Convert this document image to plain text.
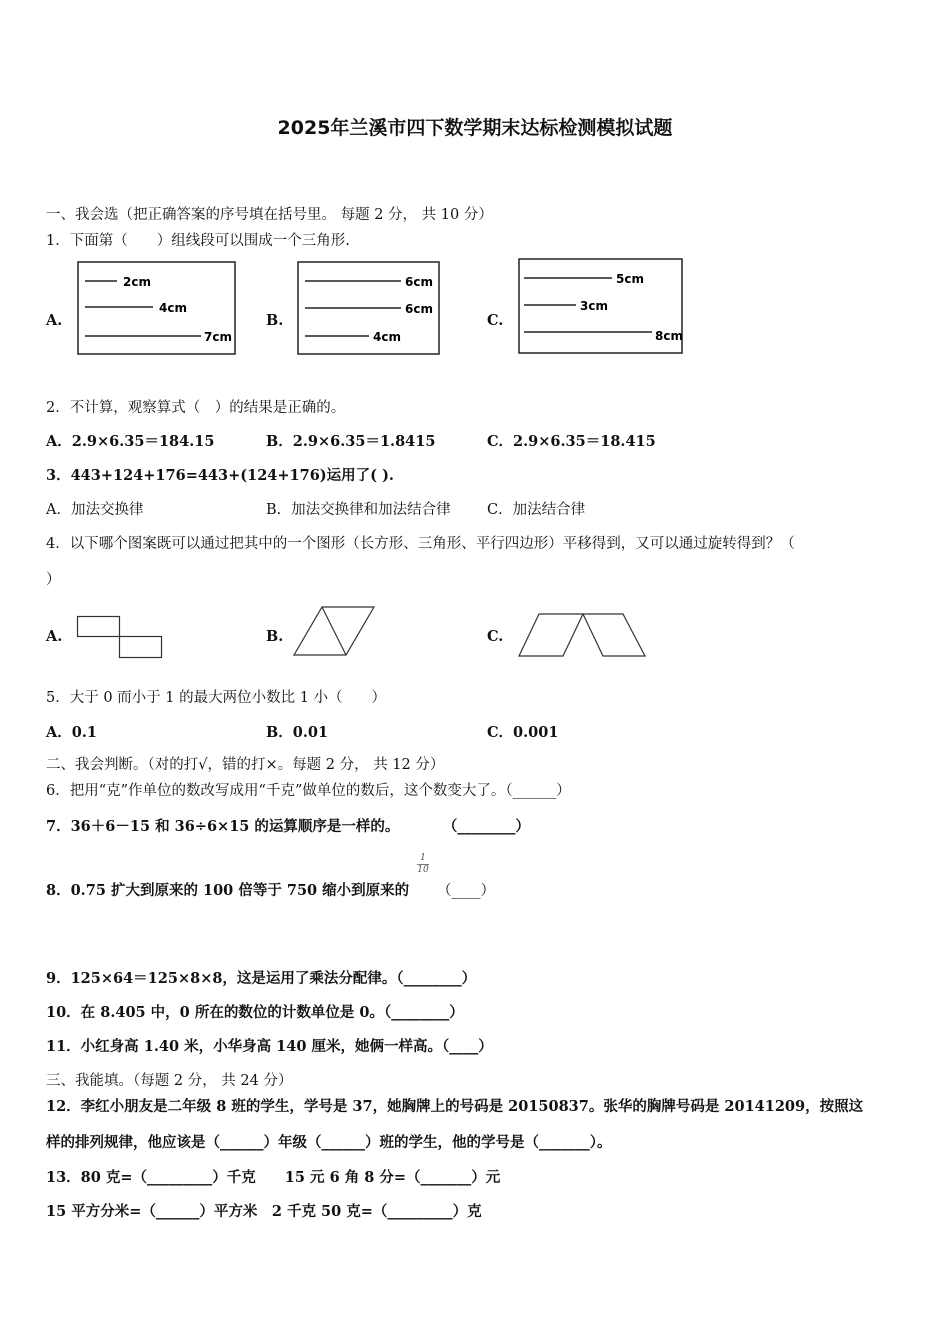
2025年兰溪市四下数学期末达标检测模拟试题
一、我会选（把正确答案的序号填在括号里。 每题 2 分， 共 10 分）
1．下面第（　　）组线段可以围成一个三角形.
A.
2cm
4cm
7cm
B.
6cm
6cm
4cm
C.
5cm
3cm
8cm
2．不计算，观察算式（　）的结果是正确的。
A．2.9×6.35＝184.15	B．2.9×6.35＝1.8415	C．2.9×6.35＝18.415
3．443+124+176=443+(124+176)运用了( ).
A．加法交换律	B．加法交换律和加法结合律	C．加法结合律
4．以下哪个图案既可以通过把其中的一个图形（长方形、三角形、平行四边形）平移得到，又可以通过旋转得到？（
）
A.	B.	C.
5．大于 0 而小于 1 的最大两位小数比 1 小（　　）
A．0.1	B．0.01	C．0.001
二、我会判断。（对的打√，错的打×。每题 2 分， 共 12 分）
6．把用“克”作单位的数改写成用“千克”做单位的数后，这个数变大了。（______）
7．36＋6－15 和 36÷6×15 的运算顺序是一样的。　　　　（________）
8．0.75 扩大到原来的 100 倍等于 750 缩小到原来的
1
10
（____）
9．125×64＝125×8×8，这是运用了乘法分配律。（________）
10．在 8.405 中，0 所在的数位的计数单位是 0。（________）
11．小红身高 1.40 米，小华身高 140 厘米，她俩一样高。（____）
三、我能填。（每题 2 分， 共 24 分）
12．李红小朋友是二年级 8 班的学生，学号是 37，她胸牌上的号码是 20150837。张华的胸牌号码是 20141209，按照这
样的排列规律，他应该是（______）年级（______）班的学生，他的学号是（_______）。
13．80 克=（_________）千克　　15 元 6 角 8 分=（_______）元
15 平方分米=（______）平方米　2 千克 50 克=（_________）克
